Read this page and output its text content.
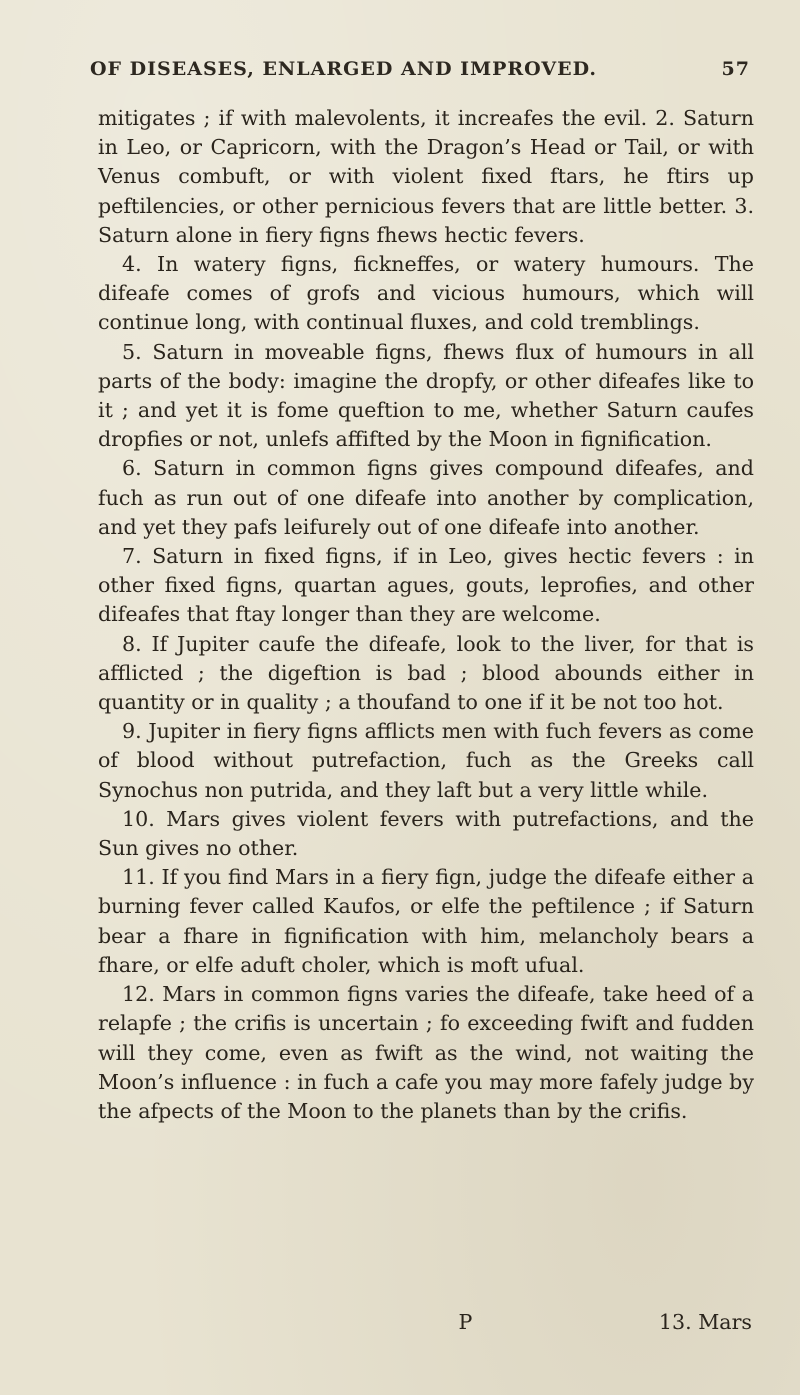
OF DISEASES, ENLARGED AND IMPROVED.	57

mitigates ; if with malevolents, it increafes the evil. 2. Saturn in Leo, or Capricorn, with the Dragon’s Head or Tail, or with Venus combuft, or with violent fixed ftars, he ftirs up peftilencies, or other pernicious fevers that are little better. 3. Saturn alone in fiery figns fhews hectic fevers.

4. In watery figns, fickneffes, or watery humours. The difeafe comes of grofs and vicious humours, which will continue long, with continual fluxes, and cold tremblings.

5. Saturn in moveable figns, fhews flux of humours in all parts of the body: imagine the dropfy, or other difeafes like to it ; and yet it is fome queftion to me, whether Saturn caufes dropfies or not, unlefs affifted by the Moon in fignification.

6. Saturn in common figns gives compound difeafes, and fuch as run out of one difeafe into another by complication, and yet they pafs leifurely out of one difeafe into another.

7. Saturn in fixed figns, if in Leo, gives hectic fevers : in other fixed figns, quartan agues, gouts, leprofies, and other difeafes that ftay longer than they are welcome.

8. If Jupiter caufe the difeafe, look to the liver, for that is afflicted ; the digeftion is bad ; blood abounds either in quantity or in quality ; a thoufand to one if it be not too hot.

9. Jupiter in fiery figns afflicts men with fuch fevers as come of blood without putrefaction, fuch as the Greeks call Synochus non putrida, and they laft but a very little while.

10. Mars gives violent fevers with putrefactions, and the Sun gives no other.

11. If you find Mars in a fiery fign, judge the difeafe either a burning fever called Kaufos, or elfe the peftilence ; if Saturn bear a fhare in fignification with him, melancholy bears a fhare, or elfe aduft choler, which is moft ufual.

12. Mars in common figns varies the difeafe, take heed of a relapfe ; the crifis is uncertain ; fo exceeding fwift and fudden will they come, even as fwift as the wind, not waiting the Moon’s influence : in fuch a cafe you may more fafely judge by the afpects of the Moon to the planets than by the crifis.

P	13. Mars
